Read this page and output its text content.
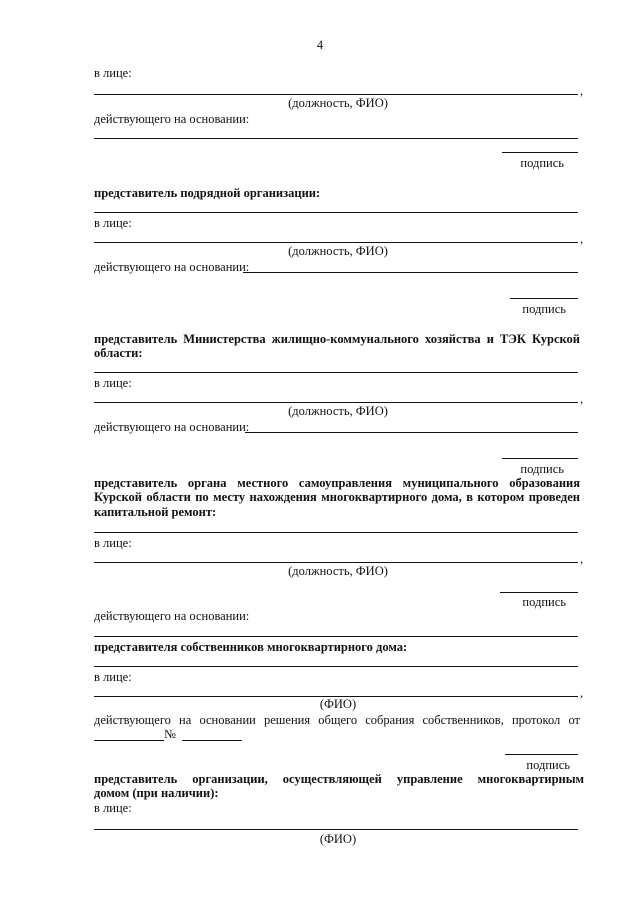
4
в лице:
,
(должность, ФИО)
действующего на основании:
подпись
представитель подрядной организации:
в лице:
,
(должность, ФИО)
действующего на основании:
подпись
представитель Министерства жилищно-коммунального хозяйства и ТЭК Курской
области:
в лице:
,
(должность, ФИО)
действующего на основании:
подпись
представитель органа местного самоуправления муниципального образования
Курской области по месту нахождения многоквартирного дома, в котором проведен
капитальной ремонт:
в лице:
,
(должность, ФИО)
подпись
действующего на основании:
представителя собственников многоквартирного дома:
в лице:
,
(ФИО)
действующего на основании решения общего собрания собственников, протокол от
№
подпись
представитель организации, осуществляющей управление многоквартирным
домом (при наличии):
в лице:
(ФИО)
